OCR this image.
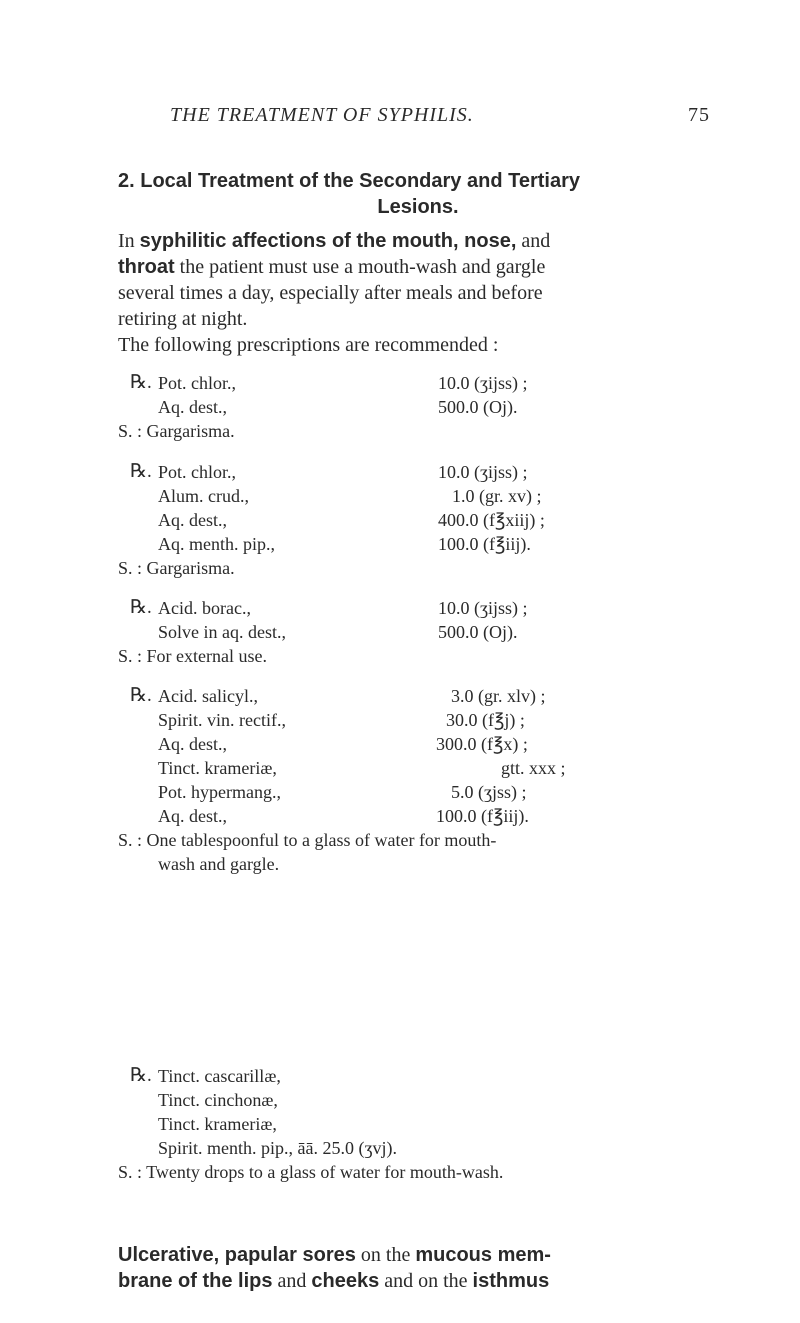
THE TREATMENT OF SYPHILIS.	75
2. Local Treatment of the Secondary and Tertiary
Lesions.
In syphilitic affections of the mouth, nose, and
throat the patient must use a mouth-wash and gargle
several times a day, especially after meals and before
retiring at night.
The following prescriptions are recommended :
℞. Pot. chlor.,	10.0 (ʒijss) ;
Aq. dest.,	500.0 (Oj).
S. : Gargarisma.
℞. Pot. chlor.,	10.0 (ʒijss) ;
Alum. crud.,	1.0 (gr. xv) ;
Aq. dest.,	400.0 (f℥xiij) ;
Aq. menth. pip.,	100.0 (f℥iij).
S. : Gargarisma.
℞. Acid. borac.,	10.0 (ʒijss) ;
Solve in aq. dest.,	500.0 (Oj).
S. : For external use.
℞. Acid. salicyl.,	3.0 (gr. xlv) ;
Spirit. vin. rectif.,	30.0 (f℥j) ;
Aq. dest.,	300.0 (f℥x) ;
Tinct. krameriæ,	gtt. xxx ;
Pot. hypermang.,	5.0 (ʒjss) ;
Aq. dest.,	100.0 (f℥iij).
S. : One tablespoonful to a glass of water for mouth-
wash and gargle.
℞. Tinct. cascarillæ,
Tinct. cinchonæ,
Tinct. krameriæ,
Spirit. menth. pip., āā. 25.0 (ʒvj).
S. : Twenty drops to a glass of water for mouth-wash.
Ulcerative, papular sores on the mucous mem-
brane of the lips and cheeks and on the isthmus
